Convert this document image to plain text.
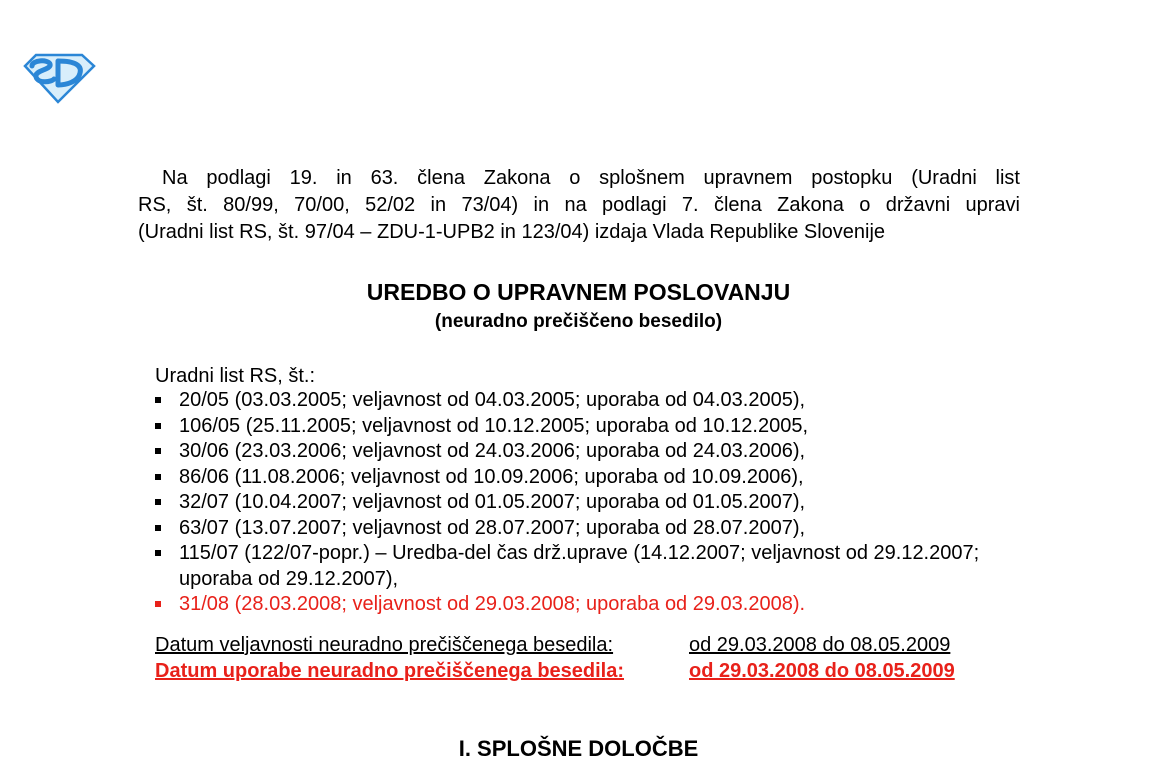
Na podlagi 19. in 63. člena Zakona o splošnem upravnem postopku (Uradni list
RS, št. 80/99, 70/00, 52/02 in 73/04) in na podlagi 7. člena Zakona o državni upravi
(Uradni list RS, št. 97/04 – ZDU-1-UPB2 in 123/04) izdaja Vlada Republike Slovenije
UREDBO O UPRAVNEM POSLOVANJU
(neuradno prečiščeno besedilo)
Uradni list RS, št.:
20/05 (03.03.2005; veljavnost od 04.03.2005; uporaba od 04.03.2005),
106/05 (25.11.2005; veljavnost od 10.12.2005; uporaba od 10.12.2005,
30/06 (23.03.2006; veljavnost od 24.03.2006; uporaba od 24.03.2006),
86/06 (11.08.2006; veljavnost od 10.09.2006; uporaba od 10.09.2006),
32/07 (10.04.2007; veljavnost od 01.05.2007; uporaba od 01.05.2007),
63/07 (13.07.2007; veljavnost od 28.07.2007; uporaba od 28.07.2007),
115/07 (122/07-popr.) – Uredba-del čas drž.uprave (14.12.2007; veljavnost od 29.12.2007; uporaba od 29.12.2007),
31/08 (28.03.2008; veljavnost od 29.03.2008; uporaba od 29.03.2008).
Datum veljavnosti neuradno prečiščenega besedila:	od 29.03.2008 do 08.05.2009
Datum uporabe neuradno prečiščenega besedila:	od 29.03.2008 do 08.05.2009
I. SPLOŠNE DOLOČBE
